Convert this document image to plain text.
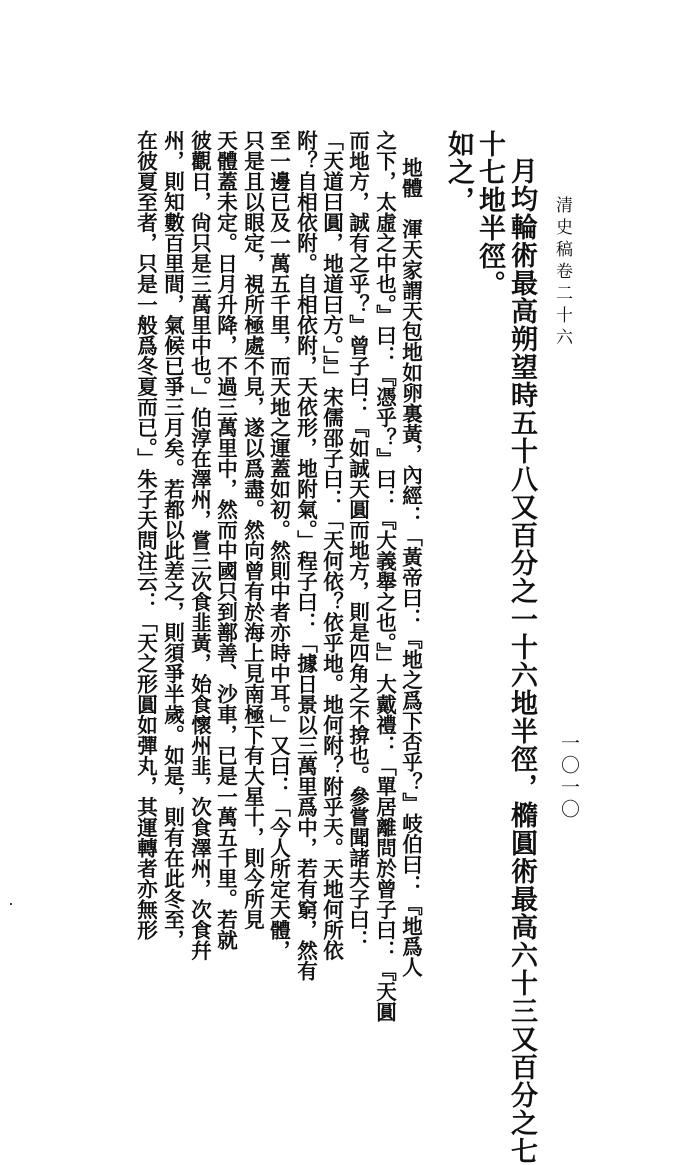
清史稿卷二十六
一〇一〇
十七地半徑。 月均輪術最高朔望時五十八又百分之一十六地半徑，橢圓術最高六十三又百分之七
如之，
地體　渾天家謂天包地如卵裏黃，內經：「黃帝曰：『地之爲下否乎？』岐伯曰：『地爲人
之下，太虛之中也。』曰：『憑乎？』曰：『大義舉之也。』」大戴禮：「單居離問於曾子曰：『天圓
而地方，誠有之乎？』曾子曰：『如誠天圓而地方，則是四角之不揜也。參嘗聞諸夫子曰：
「天道曰圓，地道曰方。」』」宋儒邵子曰：「天何依？依乎地。地何附？附乎天。天地何所依
附？自相依附。自相依附，天依形，地附氣。」程子曰：「據日景以三萬里爲中，若有窮，然有
至一邊已及一萬五千里，而天地之運蓋如初。然則中者亦時中耳。」又曰：「今人所定天體，
只是且以眼定，視所極處不見，遂以爲盡。然向曾有於海上見南極下有大星十，則今所見
天體蓋未定。日月升降，不過三萬里中，然而中國只到鄯善、沙車，已是一萬五千里。若就
彼觀日，尙只是三萬里中也。」伯淳在澤州，嘗三次食韭黃，始食懷州韭，次食澤州，次食幷
州，則知數百里間，氣候已爭三月矣。若都以此差之，則須爭半歲。如是，則有在此冬至，
在彼夏至者，只是一般爲冬夏而已。」朱子天問注云：「天之形圓如彈丸，其運轉者亦無形
